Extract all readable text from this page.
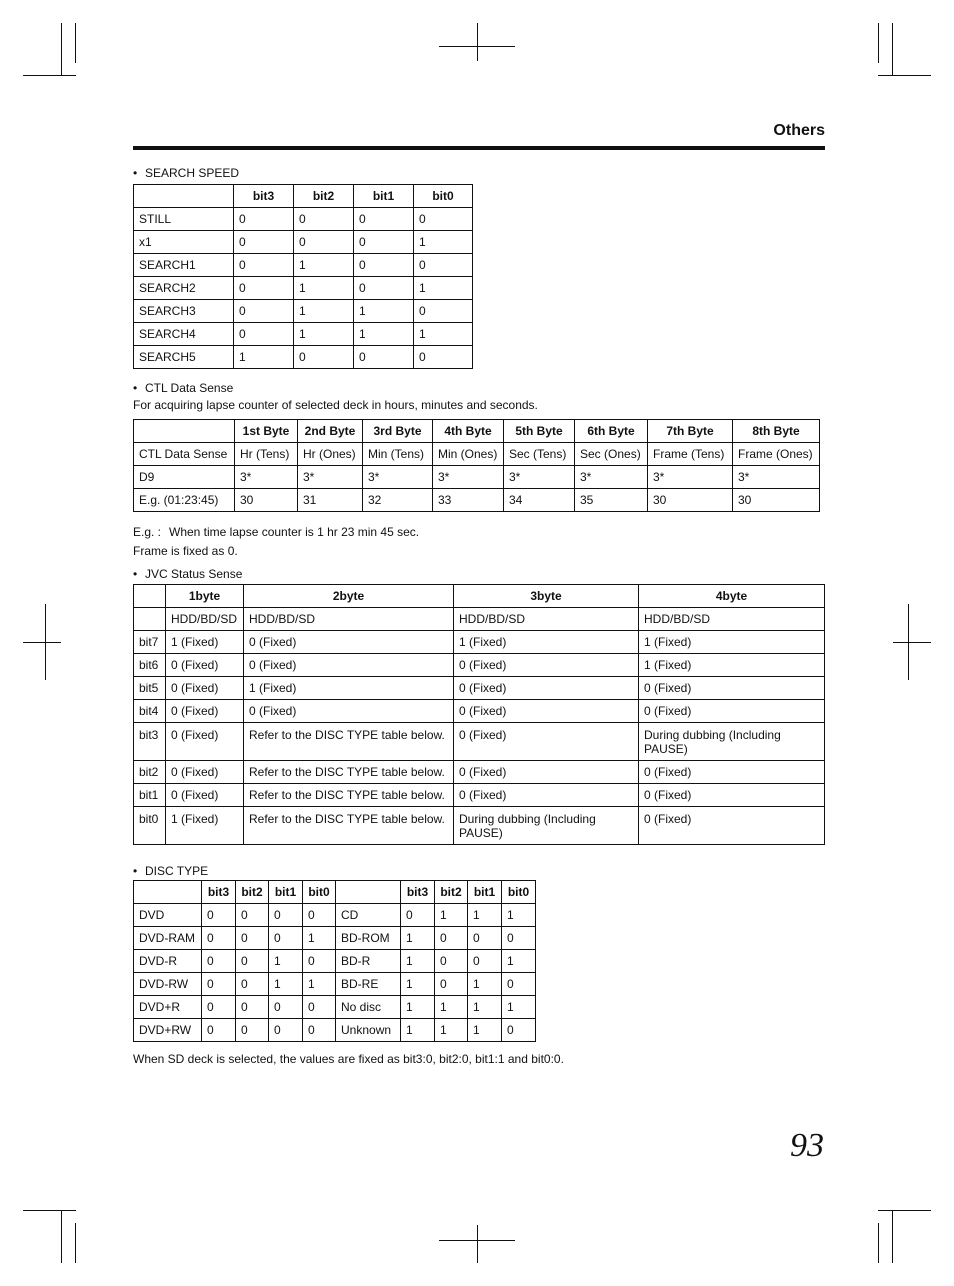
Others
• SEARCH SPEED
	bit3	bit2	bit1	bit0
STILL	0	0	0	0
x1	0	0	0	1
SEARCH1	0	1	0	0
SEARCH2	0	1	0	1
SEARCH3	0	1	1	0
SEARCH4	0	1	1	1
SEARCH5	1	0	0	0
• CTL Data Sense
For acquiring lapse counter of selected deck in hours, minutes and seconds.
	1st Byte	2nd Byte	3rd Byte	4th Byte	5th Byte	6th Byte	7th Byte	8th Byte
CTL Data Sense	Hr (Tens)	Hr (Ones)	Min (Tens)	Min (Ones)	Sec (Tens)	Sec (Ones)	Frame (Tens)	Frame (Ones)
D9	3*	3*	3*	3*	3*	3*	3*	3*
E.g. (01:23:45)	30	31	32	33	34	35	30	30
E.g. : When time lapse counter is 1 hr 23 min 45 sec.
Frame is fixed as 0.
• JVC Status Sense
	1byte	2byte	3byte	4byte
	HDD/BD/SD	HDD/BD/SD	HDD/BD/SD	HDD/BD/SD
bit7	1 (Fixed)	0 (Fixed)	1 (Fixed)	1 (Fixed)
bit6	0 (Fixed)	0 (Fixed)	0 (Fixed)	1 (Fixed)
bit5	0 (Fixed)	1 (Fixed)	0 (Fixed)	0 (Fixed)
bit4	0 (Fixed)	0 (Fixed)	0 (Fixed)	0 (Fixed)
bit3	0 (Fixed)	Refer to the DISC TYPE table below.	0 (Fixed)	During dubbing (Including PAUSE)
bit2	0 (Fixed)	Refer to the DISC TYPE table below.	0 (Fixed)	0 (Fixed)
bit1	0 (Fixed)	Refer to the DISC TYPE table below.	0 (Fixed)	0 (Fixed)
bit0	1 (Fixed)	Refer to the DISC TYPE table below.	During dubbing (Including PAUSE)	0 (Fixed)
• DISC TYPE
	bit3	bit2	bit1	bit0		bit3	bit2	bit1	bit0
DVD	0	0	0	0	CD	0	1	1	1
DVD-RAM	0	0	0	1	BD-ROM	1	0	0	0
DVD-R	0	0	1	0	BD-R	1	0	0	1
DVD-RW	0	0	1	1	BD-RE	1	0	1	0
DVD+R	0	0	0	0	No disc	1	1	1	1
DVD+RW	0	0	0	0	Unknown	1	1	1	0
When SD deck is selected, the values are fixed as bit3:0, bit2:0, bit1:1 and bit0:0.
93
